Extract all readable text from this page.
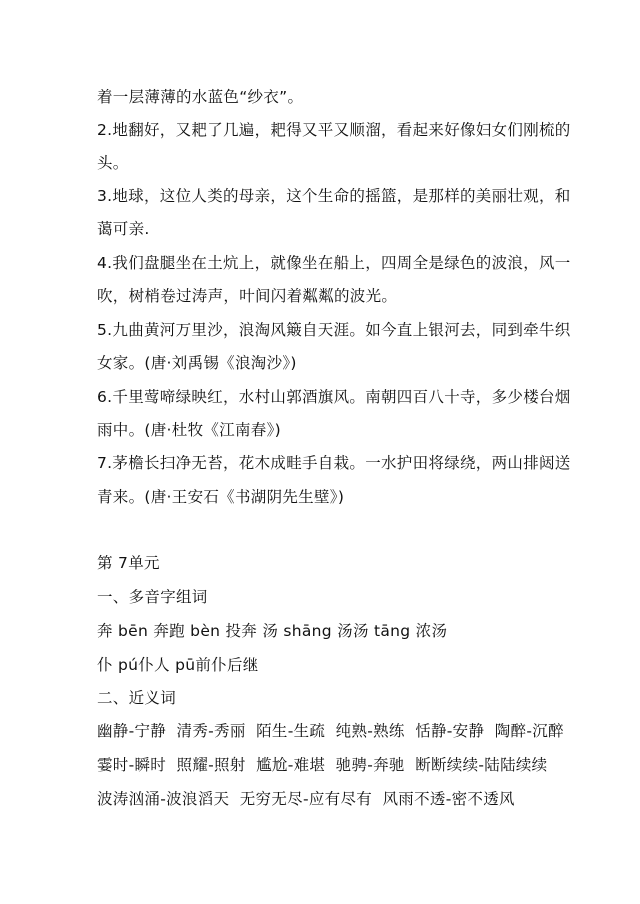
着一层薄薄的水蓝色“纱衣”。
2.地翻好，又耙了几遍，耙得又平又顺溜，看起来好像妇女们刚梳的
头。
3.地球，这位人类的母亲，这个生命的摇篮，是那样的美丽壮观，和
蔼可亲.
4.我们盘腿坐在土炕上，就像坐在船上，四周全是绿色的波浪，风一
吹，树梢卷过涛声，叶间闪着粼粼的波光。
5.九曲黄河万里沙，浪淘风簸自天涯。如今直上银河去，同到牵牛织
女家。(唐·刘禹锡《浪淘沙》)
6.千里莺啼绿映红，水村山郭酒旗风。南朝四百八十寺，多少楼台烟
雨中。(唐·杜牧《江南春》)
7.茅檐长扫净无苔，花木成畦手自栽。一水护田将绿绕，两山排闼送
青来。(唐·王安石《书湖阴先生壁》)
第 7单元
一、多音字组词
奔 bēn 奔跑 bèn 投奔 汤 shāng 汤汤 tāng 浓汤
仆 pú仆人 pū前仆后继
二、近义词
幽静-宁静  清秀-秀丽  陌生-生疏  纯熟-熟练  恬静-安静  陶醉-沉醉
霎时-瞬时  照耀-照射  尴尬-难堪  驰骋-奔驰  断断续续-陆陆续续
波涛汹涌-波浪滔天  无穷无尽-应有尽有  风雨不透-密不透风
